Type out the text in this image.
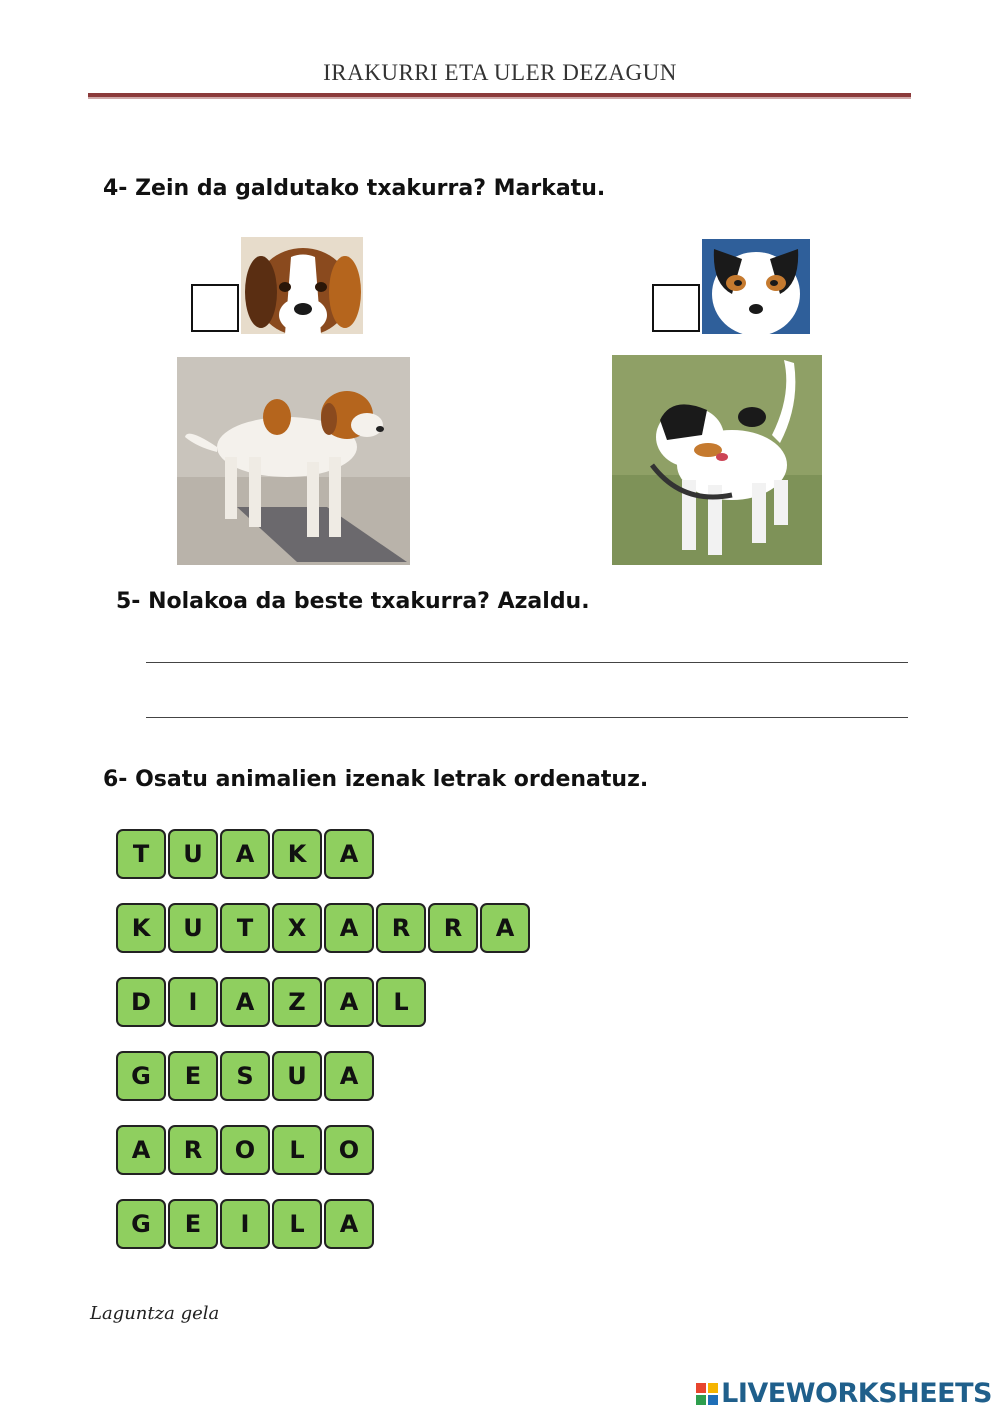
IRAKURRI ETA ULER DEZAGUN
4- Zein da galdutako txakurra? Markatu.
5- Nolakoa da beste txakurra? Azaldu.
6- Osatu animalien izenak letrak ordenatuz.
T	U	A	K	A
K	U	T	X	A	R	R	A
D	I	A	Z	A	L
G	E	S	U	A
A	R	O	L	O
G	E	I	L	A
Laguntza gela
LIVEWORKSHEETS
